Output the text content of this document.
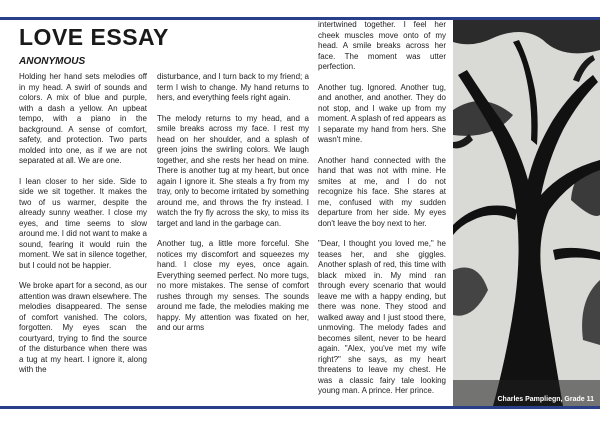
LOVE ESSAY
ANONYMOUS

Holding her hand sets melodies off in my head. A swirl of sounds and colors. A mix of blue and purple, with a dash a yellow. An upbeat tempo, with a piano in the background. A sense of comfort, safety, and protection. Two parts molded into one, as if we are not separated at all. We are one.

I lean closer to her side. Side to side we sit together. It makes the two of us warmer, despite the already sunny weather. I close my eyes, and time seems to slow around me. I did not want to make a sound, fearing it would ruin the moment. We sat in silence together, but I could not be happier.

We broke apart for a second, as our attention was drawn elsewhere. The melodies disappeared. The sense of comfort vanished. The colors, forgotten. My eyes scan the courtyard, trying to find the source of the disturbance when there was a tug at my heart. I ignore it, along with the

disturbance, and I turn back to my friend; a term I wish to change. My hand returns to hers, and everything feels right again.

The melody returns to my head, and a smile breaks across my face. I rest my head on her shoulder, and a splash of green joins the swirling colors. We laugh together, and she rests her head on mine. There is another tug at my heart, but once again I ignore it. She steals a fry from my tray, only to become irritated by something around me, and throws the fry instead. I watch the fry fly across the sky, to miss its target and land in the garbage can.

Another tug, a little more forceful. She notices my discomfort and squeezes my hand. I close my eyes, once again. Everything seemed perfect. No more tugs, no more mistakes. The sense of comfort rushes through my senses. The sounds around me fade, the melodies making me happy. My attention was fixated on her, and our arms

intertwined together. I feel her cheek muscles move onto of my head. A smile breaks across her face. The moment was utter perfection.

Another tug. Ignored. Another tug, and another, and another. They do not stop, and I wake up from my moment. A splash of red appears as I separate my hand from hers. She wasn't mine.

Another hand connected with the hand that was not with mine. He smites at me, and I do not recognize his face. She stares at me, confused with my sudden departure from her side. My eyes don't leave the boy next to her.

"Dear, I thought you loved me," he teases her, and she giggles. Another splash of red, this time with black mixed in. My mind ran through every scenario that would leave me with a happy ending, but there was none. They stood and walked away and I just stood there, unmoving. The melody fades and becomes silent, never to be heard again. "Alex, you've met my wife right?" she says, as my heart threatens to leave my chest. He was a classic fairy tale looking young man. A prince. Her prince.

Charles Pampliegn, Grade 11
